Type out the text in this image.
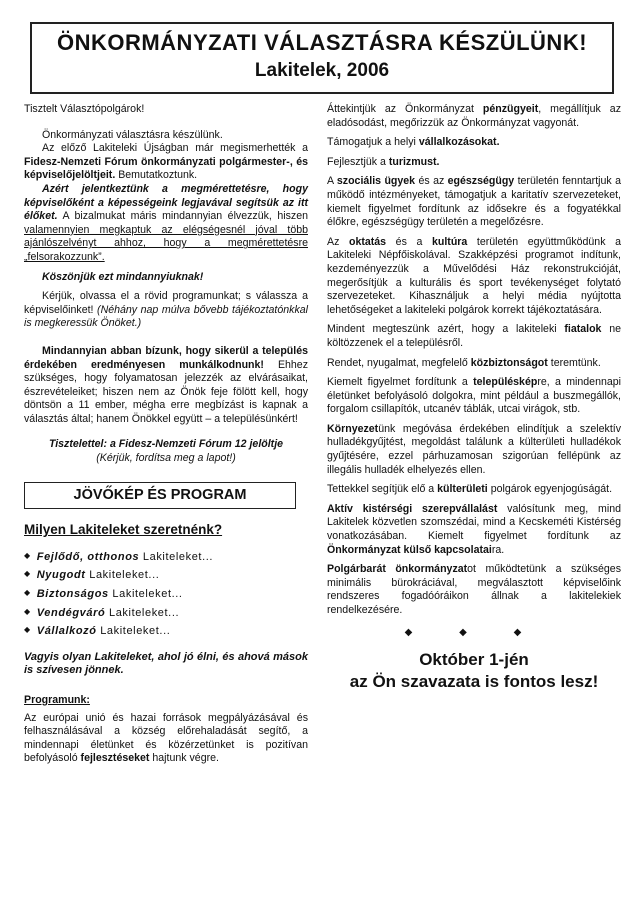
ÖNKORMÁNYZATI VÁLASZTÁSRA KÉSZÜLÜNK!
Lakitelek, 2006

Tisztelt Választópolgárok!

Önkormányzati választásra készülünk.

Az előző Lakiteleki Újságban már megismerhették a Fidesz-Nemzeti Fórum önkormányzati polgármester-, és képviselőjelöltjeit. Bemutatkoztunk.

Azért jelentkeztünk a megmérettetésre, hogy képviselőként a képességeink legjavával segítsük az itt élőket. A bizalmukat máris mindannyian élvezzük, hiszen valamennyien megkaptuk az elégségesnél jóval több ajánlószelvényt ahhoz, hogy a megmérettetésre „felsorakozzunk”.

Köszönjük ezt mindannyiuknak!

Kérjük, olvassa el a rövid programunkat; s válassza a képviselőinket! (Néhány nap múlva bővebb tájékoztatónkkal is megkeressük Önöket.)

Mindannyian abban bízunk, hogy sikerül a település érdekében eredményesen munkálkodnunk! Ehhez szükséges, hogy folyamatosan jelezzék az elvárásaikat, észrevételeiket; hiszen nem az Önök feje fölött kell, hogy döntsön a 11 ember, mégha erre megbízást is kapnak a választás által; hanem Önökkel együtt – a településünkért!

Tisztelettel: a Fidesz-Nemzeti Fórum 12 jelöltje

(Kérjük, fordítsa meg a lapot!)

JÖVŐKÉP ÉS PROGRAM
Milyen Lakiteleket szeretnénk?
◆ Fejlődő, otthonos Lakiteleket...
◆ Nyugodt Lakiteleket...
◆ Biztonságos Lakiteleket...
◆ Vendégváró Lakiteleket...
◆ Vállalkozó Lakiteleket...

Vagyis olyan Lakiteleket, ahol jó élni, és ahová mások is szívesen jönnek.

Programunk:

Az európai unió és hazai források megpályázásával és felhasználásával a község előrehaladását segítő, a mindennapi életünket és közérzetünket is pozitívan befolyásoló fejlesztéseket hajtunk végre.

Áttekintjük az Önkormányzat pénzügyeit, megállítjuk az eladósodást, megőrizzük az Önkormányzat vagyonát.

Támogatjuk a helyi vállalkozásokat.

Fejlesztjük a turizmust.

A szociális ügyek és az egészségügy területén fenntartjuk a működő intézményeket, támogatjuk a karitatív szervezeteket, kiemelt figyelmet fordítunk az idősekre és a fogyatékkal élőkre, egészségügy területén a megelőzésre.

Az oktatás és a kultúra területén együttműködünk a Lakiteleki Népfőiskolával. Szakképzési programot indítunk, kezdeményezzük a Művelődési Ház rekonstrukcióját, megerősítjük a kulturális és sport tevékenységet folytató szervezeteket. Kihasználjuk a helyi média nyújtotta lehetőségeket a lakiteleki polgárok korrekt tájékoztatására.

Mindent megteszünk azért, hogy a lakiteleki fiatalok ne költözzenek el a településről.

Rendet, nyugalmat, megfelelő közbiztonságot teremtünk.

Kiemelt figyelmet fordítunk a településképre, a mindennapi életünket befolyásoló dolgokra, mint például a buszmegállók, forgalom csillapítók, utcanév táblák, utcai virágok, stb.

Környezetünk megóvása érdekében elindítjuk a szelektív hulladékgyűjtést, megoldást találunk a külterületi hulladékok gyűjtésére, ezzel párhuzamosan szigorúan fellépünk az illegális hulladék elhelyezés ellen.

Tettekkel segítjük elő a külterületi polgárok egyenjogúságát.

Aktív kistérségi szerepvállalást valósítunk meg, mind Lakitelek közvetlen szomszédai, mind a Kecskeméti Kistérség vonatkozásában. Kiemelt figyelmet fordítunk az Önkormányzat külső kapcsolataira.

Polgárbarát önkormányzatot működtetünk a szükséges minimális bürokráciával, megválasztott képviselőink rendszeres fogadóóráikon állnak a lakitelekiek rendelkezésére.

◆ ◆ ◆
Október 1-jén
az Ön szavazata is fontos lesz!
